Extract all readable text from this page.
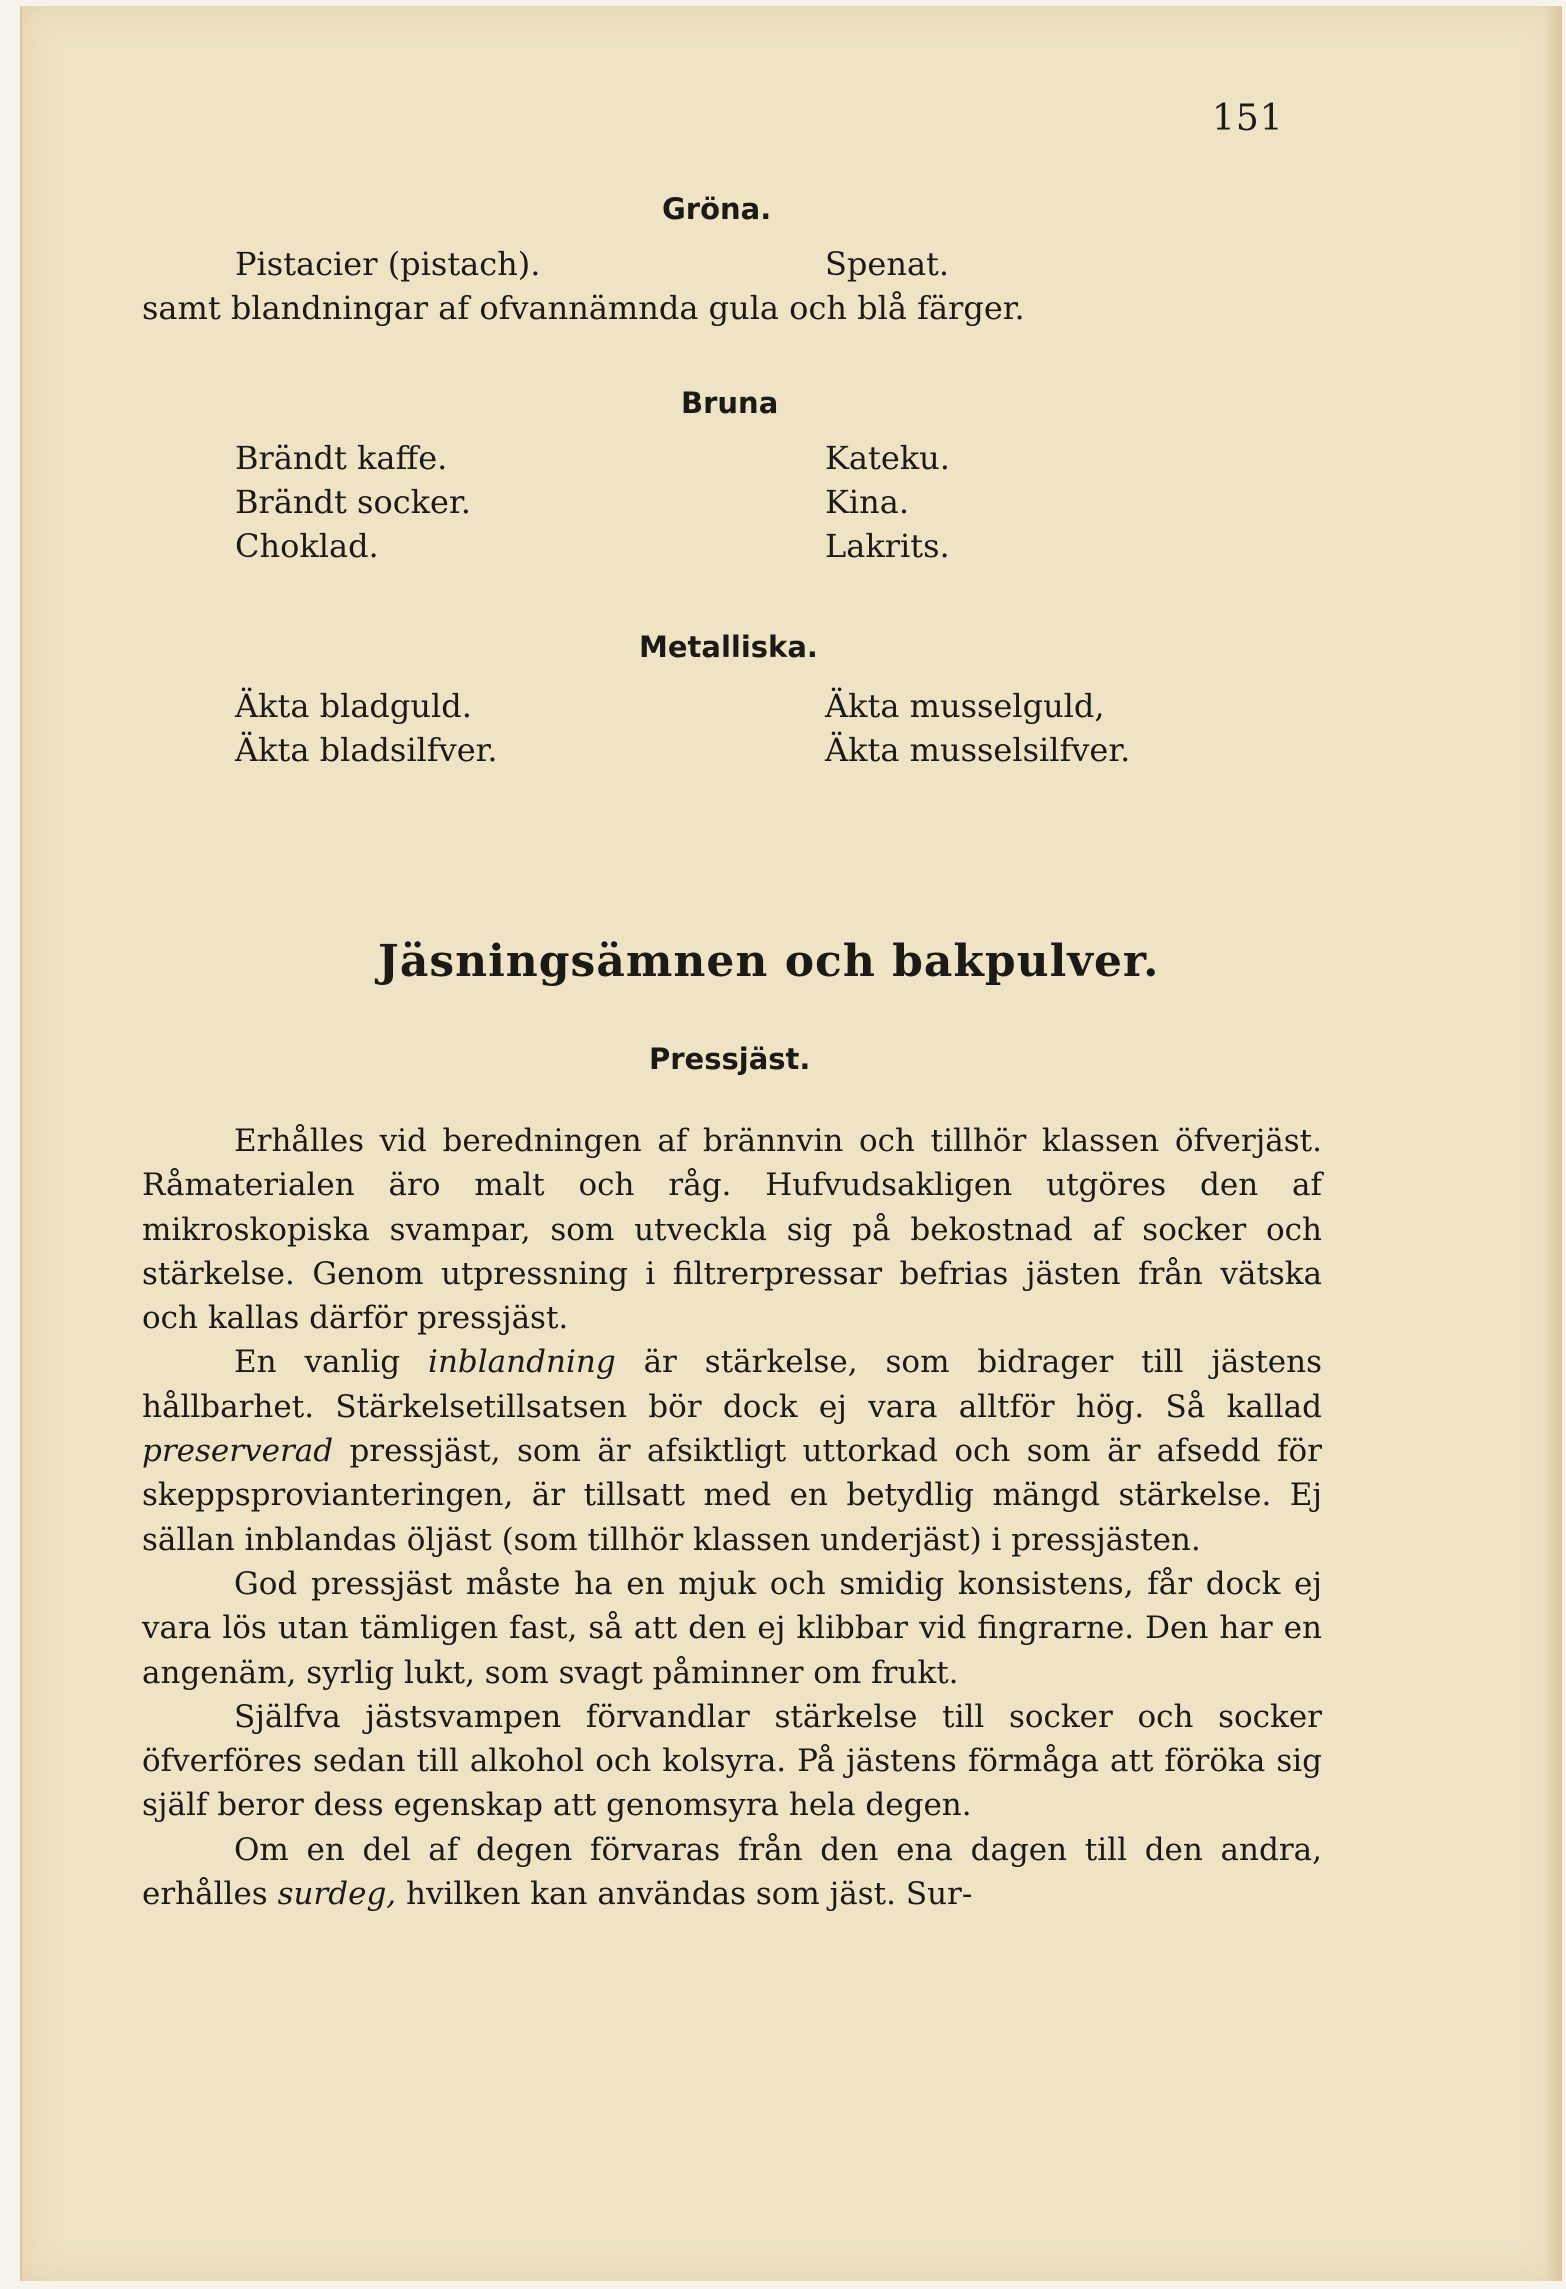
151
Gröna.
Pistacier (pistach).	Spenat.
samt blandningar af ofvannämnda gula och blå färger.
Bruna
Brändt kaffe.
Brändt socker.
Choklad.
Kateku.
Kina.
Lakrits.
Metalliska.
Äkta bladguld.
Äkta bladsilfver.
Äkta musselguld,
Äkta musselsilfver.
Jäsningsämnen och bakpulver.
Pressjäst.

Erhålles vid beredningen af brännvin och tillhör klassen öfverjäst. Råmaterialen äro malt och råg. Hufvudsakligen utgöres den af mikroskopiska svampar, som utveckla sig på bekostnad af socker och stärkelse. Genom utpressning i filtrerpressar befrias jästen från vätska och kallas därför pressjäst.

En vanlig inblandning är stärkelse, som bidrager till jästens hållbarhet. Stärkelsetillsatsen bör dock ej vara alltför hög. Så kallad preserverad pressjäst, som är afsiktligt uttorkad och som är afsedd för skeppsprovianteringen, är tillsatt med en betydlig mängd stärkelse. Ej sällan inblandas öljäst (som tillhör klassen underjäst) i pressjästen.

God pressjäst måste ha en mjuk och smidig konsistens, får dock ej vara lös utan tämligen fast, så att den ej klibbar vid fingrarne. Den har en angenäm, syrlig lukt, som svagt påminner om frukt.

Själfva jästsvampen förvandlar stärkelse till socker och socker öfverföres sedan till alkohol och kolsyra. På jästens förmåga att föröka sig själf beror dess egenskap att genomsyra hela degen.

Om en del af degen förvaras från den ena dagen till den andra, erhålles surdeg, hvilken kan användas som jäst. Sur-
